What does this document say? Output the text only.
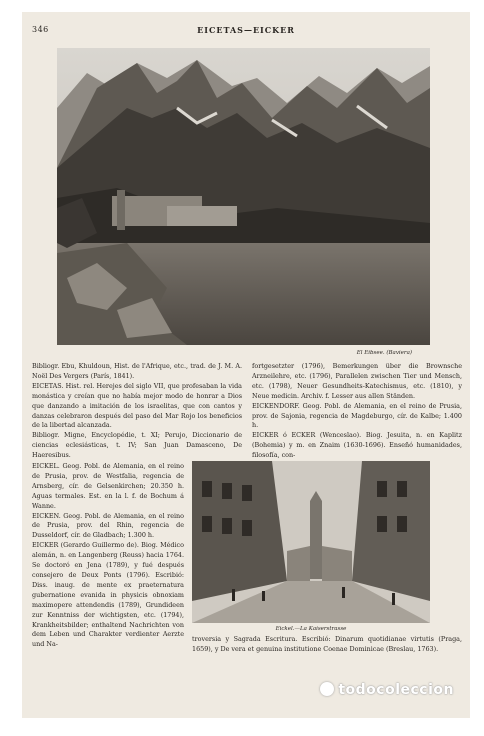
346	EICETAS—EICKER
El Eibsee. (Baviera)

Bibliogr. Ebu, Khuldoun, Hist. de l'Afrique, etc., trad. de J. M. A. Noël Des Vergers (París, 1841).

EICETAS. Hist. rel. Herejes del siglo VII, que profesaban la vida monástica y creían que no había mejor modo de honrar a Dios que danzando a imitación de los israelitas, que con cantos y danzas celebraron después del paso del Mar Rojo los beneficios de la libertad alcanzada.

Bibliogr. Migne, Encyclopédie, t. XI; Perujo, Diccionario de ciencias eclesiásticas, t. IV; San Juan Damasceno, De Haeresibus.

fortgesetzter (1796), Bemerkungen über die Brownsche Arzneilehre, etc. (1796), Parallelen zwischen Tier und Mensch, etc. (1798), Neuer Gesundheits-Katechismus, etc. (1810), y Neue medicin. Archiv. f. Lesser aus allen Ständen.

EICKENDORF. Geog. Pobl. de Alemania, en el reino de Prusia, prov. de Sajonia, regencia de Magdeburgo, cír. de Kalbe; 1.400 h.

EICKER ó ECKER (Wenceslao). Biog. Jesuita, n. en Kaplitz (Bohemia) y m. en Znaim (1630-1696). Enseñó humanidades, filosofía, con-

EICKEL. Geog. Pobl. de Alemania, en el reino de Prusia, prov. de Westfalia, regencia de Arnsberg, cír. de Gelsenkirchen; 20.350 h. Aguas termales. Est. en la l. f. de Bochum á Wanne.

EICKEN. Geog. Pobl. de Alemania, en el reino de Prusia, prov. del Rhin, regencia de Dusseldorf, cír. de Gladbach; 1.300 h.

EICKER (Gerardo Guillermo de). Biog. Médico alemán, n. en Langenberg (Reuss) hacia 1764. Se doctoró en Jena (1789), y fué después consejero de Deux Ponts (1796). Escribió: Diss. inaug. de mente ex praeternatura gubernatione evanida in physicis obnoxiam maximopere attendendis (1789), Grundideen zur Kenntniss der wichtigsten, etc. (1794), Krankheitsbilder; enthaltend Nachrichten von dem Leben und Charakter verdienter Aerzte und Na-

Eickel.—La Kaiserstrasse

troversia y Sagrada Escritura. Escribió: Dinarum quotidianae virtutis (Praga, 1659), y De vera et genuina institutione Coenae Dominicae (Breslau, 1763).

todocoleccion
